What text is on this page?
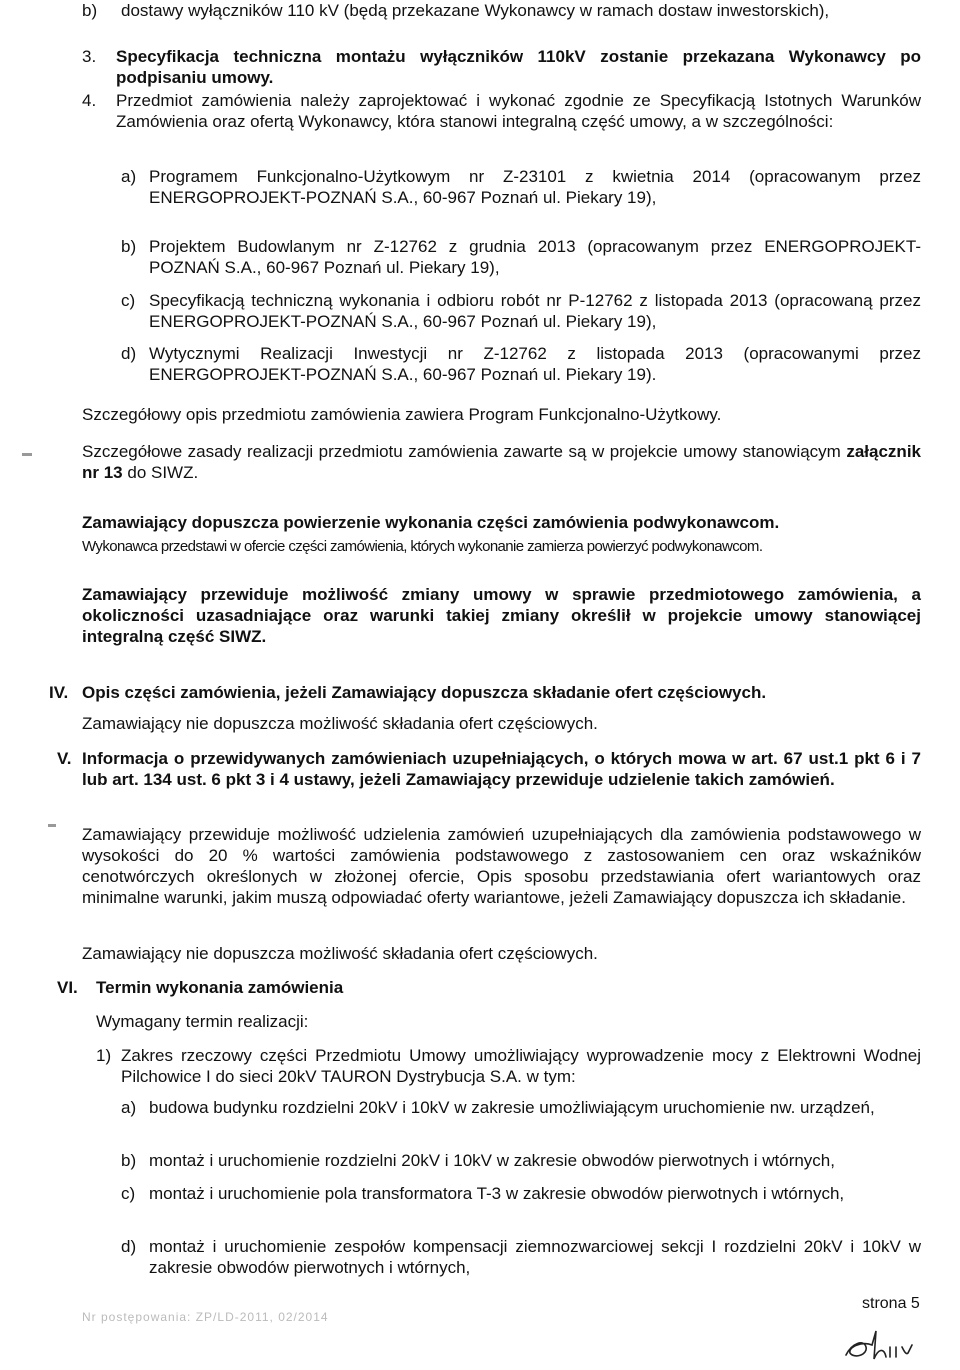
b) dostawy wyłączników 110 kV (będą przekazane Wykonawcy w ramach dostaw inwestorskich),

3. Specyfikacja techniczna montażu wyłączników 110kV zostanie przekazana Wykonawcy po podpisaniu umowy.

4. Przedmiot zamówienia należy zaprojektować i wykonać zgodnie ze Specyfikacją Istotnych Warunków Zamówienia oraz ofertą Wykonawcy, która stanowi integralną część umowy, a w szczególności:

a) Programem Funkcjonalno-Użytkowym nr Z-23101 z kwietnia 2014 (opracowanym przez ENERGOPROJEKT-POZNAŃ S.A., 60-967 Poznań ul. Piekary 19),

b) Projektem Budowlanym nr Z-12762 z grudnia 2013 (opracowanym przez ENERGOPROJEKT-POZNAŃ S.A., 60-967 Poznań ul. Piekary 19),

c) Specyfikacją techniczną wykonania i odbioru robót nr P-12762 z listopada 2013 (opracowaną przez ENERGOPROJEKT-POZNAŃ S.A., 60-967 Poznań ul. Piekary 19),

d) Wytycznymi Realizacji Inwestycji nr Z-12762 z listopada 2013 (opracowanymi przez ENERGOPROJEKT-POZNAŃ S.A., 60-967 Poznań ul. Piekary 19).

Szczegółowy opis przedmiotu zamówienia zawiera Program Funkcjonalno-Użytkowy.

Szczegółowe zasady realizacji przedmiotu zamówienia zawarte są w projekcie umowy stanowiącym załącznik nr 13 do SIWZ.

Zamawiający dopuszcza powierzenie wykonania części zamówienia podwykonawcom.

Wykonawca przedstawi w ofercie części zamówienia, których wykonanie zamierza powierzyć podwykonawcom.

Zamawiający przewiduje możliwość zmiany umowy w sprawie przedmiotowego zamówienia, a okoliczności uzasadniające oraz warunki takiej zmiany określił w projekcie umowy stanowiącej integralną część SIWZ.

IV. Opis części zamówienia, jeżeli Zamawiający dopuszcza składanie ofert częściowych.

Zamawiający nie dopuszcza możliwość składania ofert częściowych.

V. Informacja o przewidywanych zamówieniach uzupełniających, o których mowa w art. 67 ust.1 pkt 6 i 7 lub art. 134 ust. 6 pkt 3 i 4 ustawy, jeżeli Zamawiający przewiduje udzielenie takich zamówień.

Zamawiający przewiduje możliwość udzielenia zamówień uzupełniających dla zamówienia podstawowego w wysokości do 20 % wartości zamówienia podstawowego z zastosowaniem cen oraz wskaźników cenotwórczych określonych w złożonej ofercie, Opis sposobu przedstawiania ofert wariantowych oraz minimalne warunki, jakim muszą odpowiadać oferty wariantowe, jeżeli Zamawiający dopuszcza ich składanie.

Zamawiający nie dopuszcza możliwość składania ofert częściowych.

VI. Termin wykonania zamówienia

Wymagany termin realizacji:

1) Zakres rzeczowy części Przedmiotu Umowy umożliwiający wyprowadzenie mocy z Elektrowni Wodnej Pilchowice I do sieci 20kV TAURON Dystrybucja S.A. w tym:

a) budowa budynku rozdzielni 20kV i 10kV w zakresie umożliwiającym uruchomienie nw. urządzeń,

b) montaż i uruchomienie rozdzielni 20kV i 10kV w zakresie obwodów pierwotnych i wtórnych,

c) montaż i uruchomienie pola transformatora T-3 w zakresie obwodów pierwotnych i wtórnych,

d) montaż i uruchomienie zespołów kompensacji ziemnozwarciowej sekcji I rozdzielni 20kV i 10kV w zakresie obwodów pierwotnych i wtórnych,

Nr postępowania: ZP/LD-2011, 02/2014
strona 5
